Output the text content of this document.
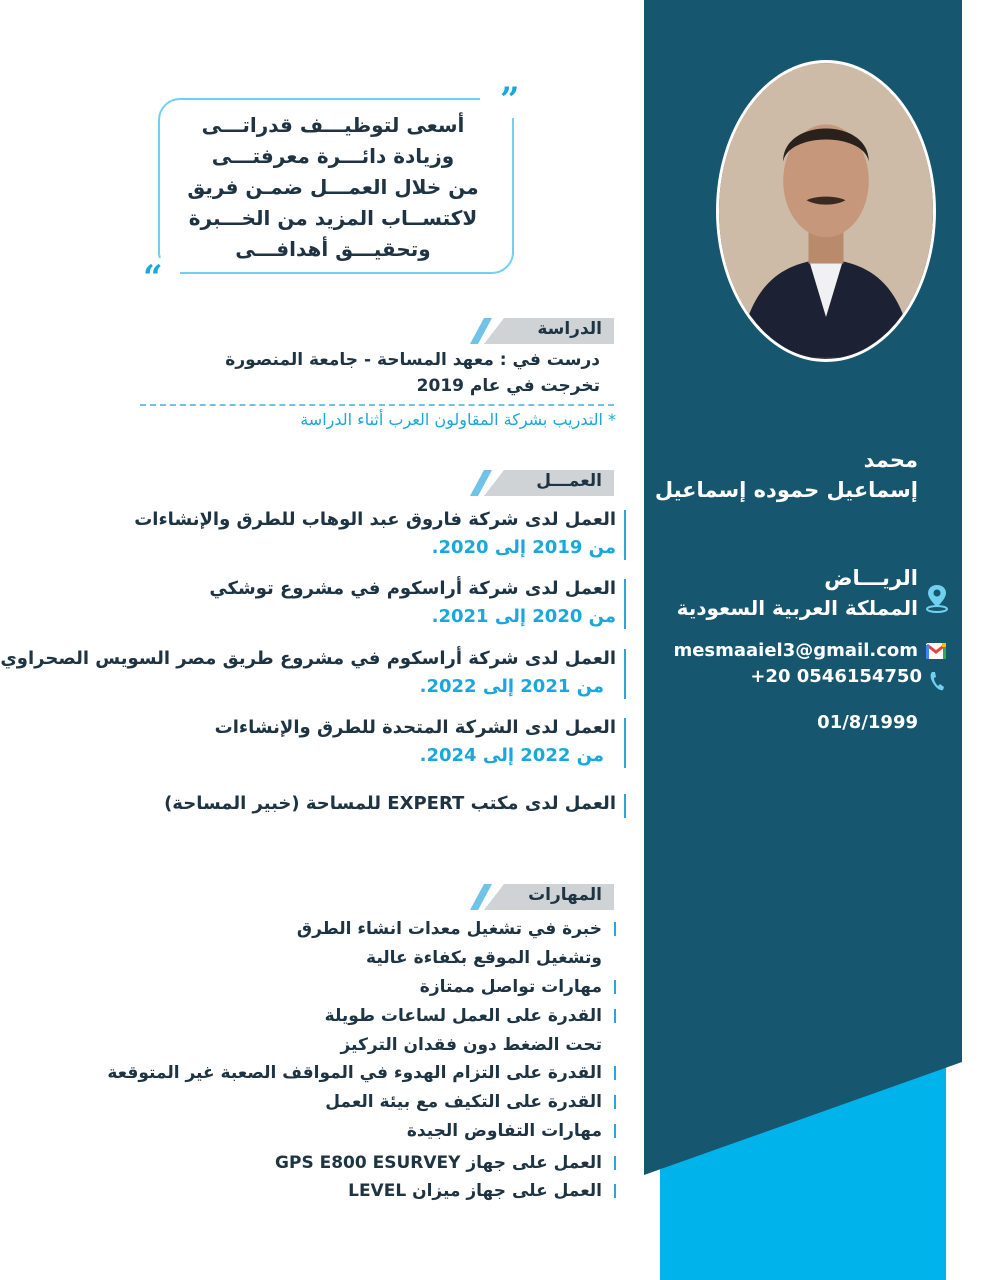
محمد
إسماعيل حموده إسماعيل
الريـــاض
المملكة العربية السعودية
mesmaaiel3@gmail.com
+20 0546154750
01/8/1999
”
“
أسعى لتوظيـــف قدراتـــى
وزيادة دائـــرة معرفتـــى
من خلال العمـــل ضمـن فريق
لاكتســاب المزيد من الخـــبرة
وتحقيـــق أهدافـــى
الدراسة
درست في : معهد المساحة - جامعة المنصورة
تخرجت في عام 2019
* التدريب بشركة المقاولون العرب أثناء الدراسة
العمـــل
العمل لدى شركة فاروق عبد الوهاب للطرق والإنشاءات
من 2019 إلى 2020.
العمل لدى شركة أراسكوم في مشروع توشكي
من 2020 إلى 2021.
العمل لدى شركة أراسكوم في مشروع طريق مصر السويس الصحراوي
من 2021 إلى 2022.
العمل لدى الشركة المتحدة للطرق والإنشاءات
من 2022 إلى 2024.
العمل لدى مكتب EXPERT للمساحة (خبير المساحة)
المهارات
خبرة في تشغيل معدات انشاء الطرق
وتشغيل الموقع بكفاءة عالية
مهارات تواصل ممتازة
القدرة على العمل لساعات طويلة
تحت الضغط دون فقدان التركيز
القدرة على التزام الهدوء في المواقف الصعبة غير المتوقعة
القدرة على التكيف مع بيئة العمل
مهارات التفاوض الجيدة
العمل على جهاز GPS E800 ESURVEY
العمل على جهاز ميزان LEVEL
